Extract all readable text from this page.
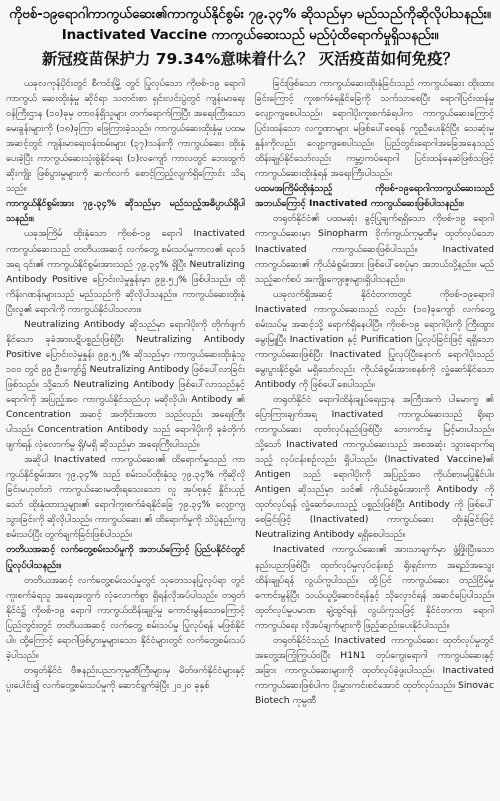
ကိုဗစ်-၁၉ရောဂါကာကွယ်ဆေး၏ကာကွယ်နိုင်စွမ်း ၇၉.၃၄% ဆိုသည်မှာ မည်သည်ကိုဆိုလိုပါသနည်း။
Inactivated Vaccine ကာကွယ်ဆေးသည် မည်ပုံထိရောက်မှုရှိသနည်း။
新冠疫苗保护力 79.34%意味着什么？ 灭活疫苗如何免疫？

ယခုလကုန်ပိုင်းတွင် စီကင်းမြို့ တွင် ပြုလုပ်သော ကိုဗစ်-၁၉ ရောဂါ ကာကွယ် ဆေးထိုးနှံမှု ဆိုင်ရာ သတင်းစာ ရှင်းလင်းပွဲတွင် ကျန်းမာရေးဝန်ကြီးဌာန (၁၀)ခုမှ တာဝန်ရှိသူများ တက်ရောက်ကြပြီး အရေးကြီးသော မေးခွန်းများကို (၁၈)ခုကြာ ဖြေကြားခဲ့သည်။ ကာကွယ်ဆေးထိုးနှံမှု ပထမ အဆင့်တွင် ကျန်းမာရေးဝန်ထမ်းများ (၃၇)သန်းကို ကာကွယ်ဆေး ထိုးနှံပေးခဲ့ပြီး ကာကွယ်ဆေးသုံးစွဲနိုင်ရေး (၁)လကျော် ကာလတွင် ဘေးထွက်ဆိုးကျိုး ဖြစ်ပွားမှုများကို ဆက်လက် စောင့်ကြည့်လျက်ရှိကြောင်း သိရသည်။

ကာကွယ်နိုင်စွမ်းအား ၇၉.၃၄% ဆိုသည်မှာ မည်သည့်အဓိပ္ပာယ်ရှိပါသနည်း။

ယခုအကြိမ် ထိုးနှံသော ကိုဗစ်-၁၉ ရောဂါ Inactivated ကာကွယ်ဆေးသည် တတိယအဆင့် လက်တွေ့ စမ်းသပ်မှုကာလ၏ ရလဒ်အရ ၎င်း၏ ကာကွယ်နိုင်စွမ်းအားသည် ၇၉.၃၄% ရှိပြီး Neutralizing Antibody Positive ပြောင်းလဲမှုနှုန်းမှာ ၉၉.၅၂% ဖြစ်ပါသည်။ ထိုကိန်းဂဏန်းများသည် မည်သည်ကို ဆိုလိုပါသနည်း။ ကာကွယ်ဆေးထိုးနှံပြီးလူ၏ ရောဂါကို ကာကွယ်နိုင်ပါသလား။

Neutralizing Antibody ဆိုသည်မှာ ရောဂါပိုးကို တိုက်ဖျက်နိုင်သော ခုခံအားပဋိပစ္စည်းဖြစ်ပြီး Neutralizing Antibody Positive ပြောင်းလဲမှုနှုန်း ၉၉.၅၂% ဆိုသည်မှာ ကာကွယ်ဆေးထိုးနှံသူ ၁၀၀ တွင် ၉၉ ဦးကျော်၌ Neutralizing Antibody ဖြစ်ပေါ်လာခြင်း ဖြစ်သည်။ သို့သော် Neutralizing Antibody ဖြစ်ပေါ်လာသည်နှင့် ရောဂါကို အပြည့်အဝ ကာကွယ်နိုင်သည်ဟု မဆိုလိုပါ။ Antibody ၏ Concentration အဆင့် အတိုင်းအတာ သည်လည်း အရေးကြီးပါသည်။ Concentration Antibody သည် ရောဂါပိုးကို ခုခံတိုက်ဖျက်ရန် လုံလောက်မှု ရှိ/မရှိ ဆိုသည်မှာ အရေးကြီးပါသည်။

အဆိုပါ Inactivated ကာကွယ်ဆေး၏ ထိရောက်မှုသည် ကာကွယ်နိုင်စွမ်းအား ၇၉.၃၄% သည် စမ်းသပ်ထိုးနှံသူ ၇၉.၃၄% ကိုဆိုလိုခြင်းမဟုတ်ဘဲ ကာကွယ်ဆေးမထိုးရသေးသော လူ အုပ်စုနှင့် နှိုင်းယှဉ်သော် ထိုးနှံထားသူများ၏ ရောဂါကူးစက်ခံရနိုင်ခြေ ၇၉.၃၄% လျော့ကျသွားခြင်းကို ဆိုလိုပါသည်။ ကာကွယ်ဆေး ၏ ထိရောက်မှုကို သိပ္ပံနည်းကျ စမ်းသပ်ပြီး တွက်ချက်ခြင်းဖြစ်ပါသည်။

တတိယအဆင့် လက်တွေ့စမ်းသပ်မှုကို အဘယ်ကြောင့် ပြည်ပနိုင်ငံတွင် ပြုလုပ်ပါသနည်း။

တတိယအဆင့် လက်တွေ့စမ်းသပ်မှုတွင် သုတေသနပြုလုပ်ရာ တွင် ကူးစက်ခံရသူ အရေအတွက် လုံလောက်စွာ ရှိရန်လိုအပ်ပါသည်။ တရုတ်နိုင်ငံ၌ ကိုဗစ်-၁၉ ရောဂါ ကာကွယ်ထိန်းချုပ်မှု ကောင်းမွန်သောကြောင့် ပြည်တွင်းတွင် တတိယအဆင့် လက်တွေ့ စမ်းသပ်မှု ပြုလုပ်ရန် မဖြစ်နိုင်ပါ။ ထို့ကြောင့် ရောဂါဖြစ်ပွားမှုများသော နိုင်ငံများတွင် လက်တွေ့စမ်းသပ်ခဲ့ပါသည်။

တရုတ်နိုင်ငံ ဗီဇနည်းပညာကုမ္ပဏီကြီးများမှ မိတ်ဖက်နိုင်ငံများနှင့် ပူးပေါင်း၍ လက်တွေ့စမ်းသပ်မှုကို ဆောင်ရွက်ခဲ့ပြီး ၂၀၂၀ ခုနှစ်

ခြင်းဖြစ်သော ကာကွယ်ဆေးထိုးနှံခြင်းသည် ကာကွယ်ဆေး ထိုးထားခြင်းကြောင့် ကူးစက်ခံရနိုင်ခြေကို သက်သာစေပြီး ရောဂါပြင်းထန်မှု လျော့ကျစေပါသည်။ ရောဂါပိုးကူးစက်ခံရပါက ကာကွယ်ဆေးကြောင့် ပြင်းထန်သော လက္ခဏာများ မဖြစ်ပေါ်စေရန် ကူညီပေးနိုင်ပြီး သေဆုံးမှုနှုန်းကိုလည်း လျော့ကျစေပါသည်။ ပြည်တွင်းရောဂါအခြေအနေသည် ထိန်းချုပ်နိုင်သော်လည်း ကမ္ဘာ့ကပ်ရောဂါ ပြင်းထန်နေဆဲဖြစ်သဖြင့် ကာကွယ်ဆေးထိုးနှံရန် အရေးကြီးပါသည်။

ပထမအကြိမ်ထိုးနှံသည့် ကိုဗစ်-၁၉ရောဂါကာကွယ်ဆေးသည် အဘယ်ကြောင့် Inactivated ကာကွယ်ဆေးဖြစ်ပါသနည်း။

တရုတ်နိုင်ငံ၏ ပထမဆုံး ခွင့်ပြုချက်ရရှိသော ကိုဗစ်-၁၉ ရောဂါ ကာကွယ်ဆေးမှာ Sinopharm ဝိုက်ကျယ်ကုမ္ပဏီမှ ထုတ်လုပ်သော Inactivated ကာကွယ်ဆေးဖြစ်ပါသည်။ Inactivated ကာကွယ်ဆေး၏ ကိုယ်ခံစွမ်းအား ဖြစ်ပေါ်စေပုံမှာ အဘယ်သို့နည်း။ မည်သည့်ဆက်စပ် အကျိုးကျေးဇူးများရှိပါသနည်း။

ယခုလက်ရှိအဆင့် နိုင်ငံတကာတွင် ကိုဗစ်-၁၉ရောဂါ Inactivated ကာကွယ်ဆေးသည် လည်း (၁၀)ခုကျော် လက်တွေ့စမ်းသပ်မှု အဆင့်သို့ ရောက်ရှိနေပါပြီ။ ကိုဗစ်-၁၉ ရောဂါပိုးကို ကြီးထွားမွေးမြူပြီး Inactivation နှင့် Purification ပြုလုပ်ခြင်းဖြင့် ရရှိသော ကာကွယ်ဆေးဖြစ်ပြီး Inactivated ပြုလုပ်ပြီးနောက် ရောဂါပိုးသည် မွေးပွားနိုင်စွမ်း မရှိသော်လည်း ကိုယ်ခံစွမ်းအားစနစ်ကို လှုံ့ဆော်နိုင်သော Antibody ကို ဖြစ်ပေါ်စေပါသည်။

တရုတ်နိုင်ငံ ရောဂါထိန်းချုပ်ရေးဌာန အကြီးအကဲ ပါမောက္ခ ၏ ပြောကြားချက်အရ Inactivated ကာကွယ်ဆေးသည် ရိုးရာ ကာကွယ်ဆေး ထုတ်လုပ်နည်းဖြစ်ပြီး ဘေးကင်းမှု မြင့်မားပါသည်။ သို့သော် Inactivated ကာကွယ်ဆေးသည် အစအဆုံး သွားရောက်ရသည့် လုပ်ငန်းစဉ်လည်း ရှိပါသည်။ (Inactivated Vaccine)၏ Antigen သည် ရောဂါပိုးကို အပြည့်အဝ ကိုယ်စားမပြုနိုင်ပါ။ Antigen ဆိုသည်မှာ သင်၏ ကိုယ်ခံစွမ်းအားကို Antibody ကို ထုတ်လုပ်ရန် လှုံ့ဆော်ပေးသည့် ပစ္စည်းဖြစ်ပြီး Antibody ကို ဖြစ်ပေါ်စေခြင်းဖြင့် (Inactivated) ကာကွယ်ဆေး ထိုးနှံခြင်းဖြင့် Neutralizing Antibody ရရှိစေပါသည်။

Inactivated ကာကွယ်ဆေး၏ အားသာချက်မှာ ဖွံ့ဖြိုးပြီးသော နည်းပညာဖြစ်ပြီး ထုတ်လုပ်မှုလုပ်ငန်းစဉ် ရိုးရှင်းကာ အရည်အသွေး ထိန်းချုပ်ရန် လွယ်ကူပါသည်။ ထို့ပြင် ကာကွယ်ဆေး တည်ငြိမ်မှု ကောင်းမွန်ပြီး သယ်ယူပို့ဆောင်ရန်နှင့် သိုလှောင်ရန် အဆင်ပြေပါသည်။ ထုတ်လုပ်မှုပမာဏ ချဲ့ထွင်ရန် လွယ်ကူသဖြင့် နိုင်ငံတကာ ရောဂါကာကွယ်ရေး လိုအပ်ချက်များကို ဖြည့်ဆည်းပေးနိုင်ပါသည်။

တရုတ်နိုင်ငံသည် Inactivated ကာကွယ်ဆေး ထုတ်လုပ်မှုတွင် အတွေ့အကြုံကြွယ်ဝပြီး H1N1 တုပ်ကွေးရောဂါ ကာကွယ်ဆေးနှင့် အခြား ကာကွယ်ဆေးများကို ထုတ်လုပ်ခဲ့ဖူးပါသည်။ Inactivated ကာကွယ်ဆေးဖြစ်ပါက ပိုးမွှားကင်းစင်အောင် ထုတ်လုပ်သည်။ Sinovac Biotech ကုမ္ပဏီ
